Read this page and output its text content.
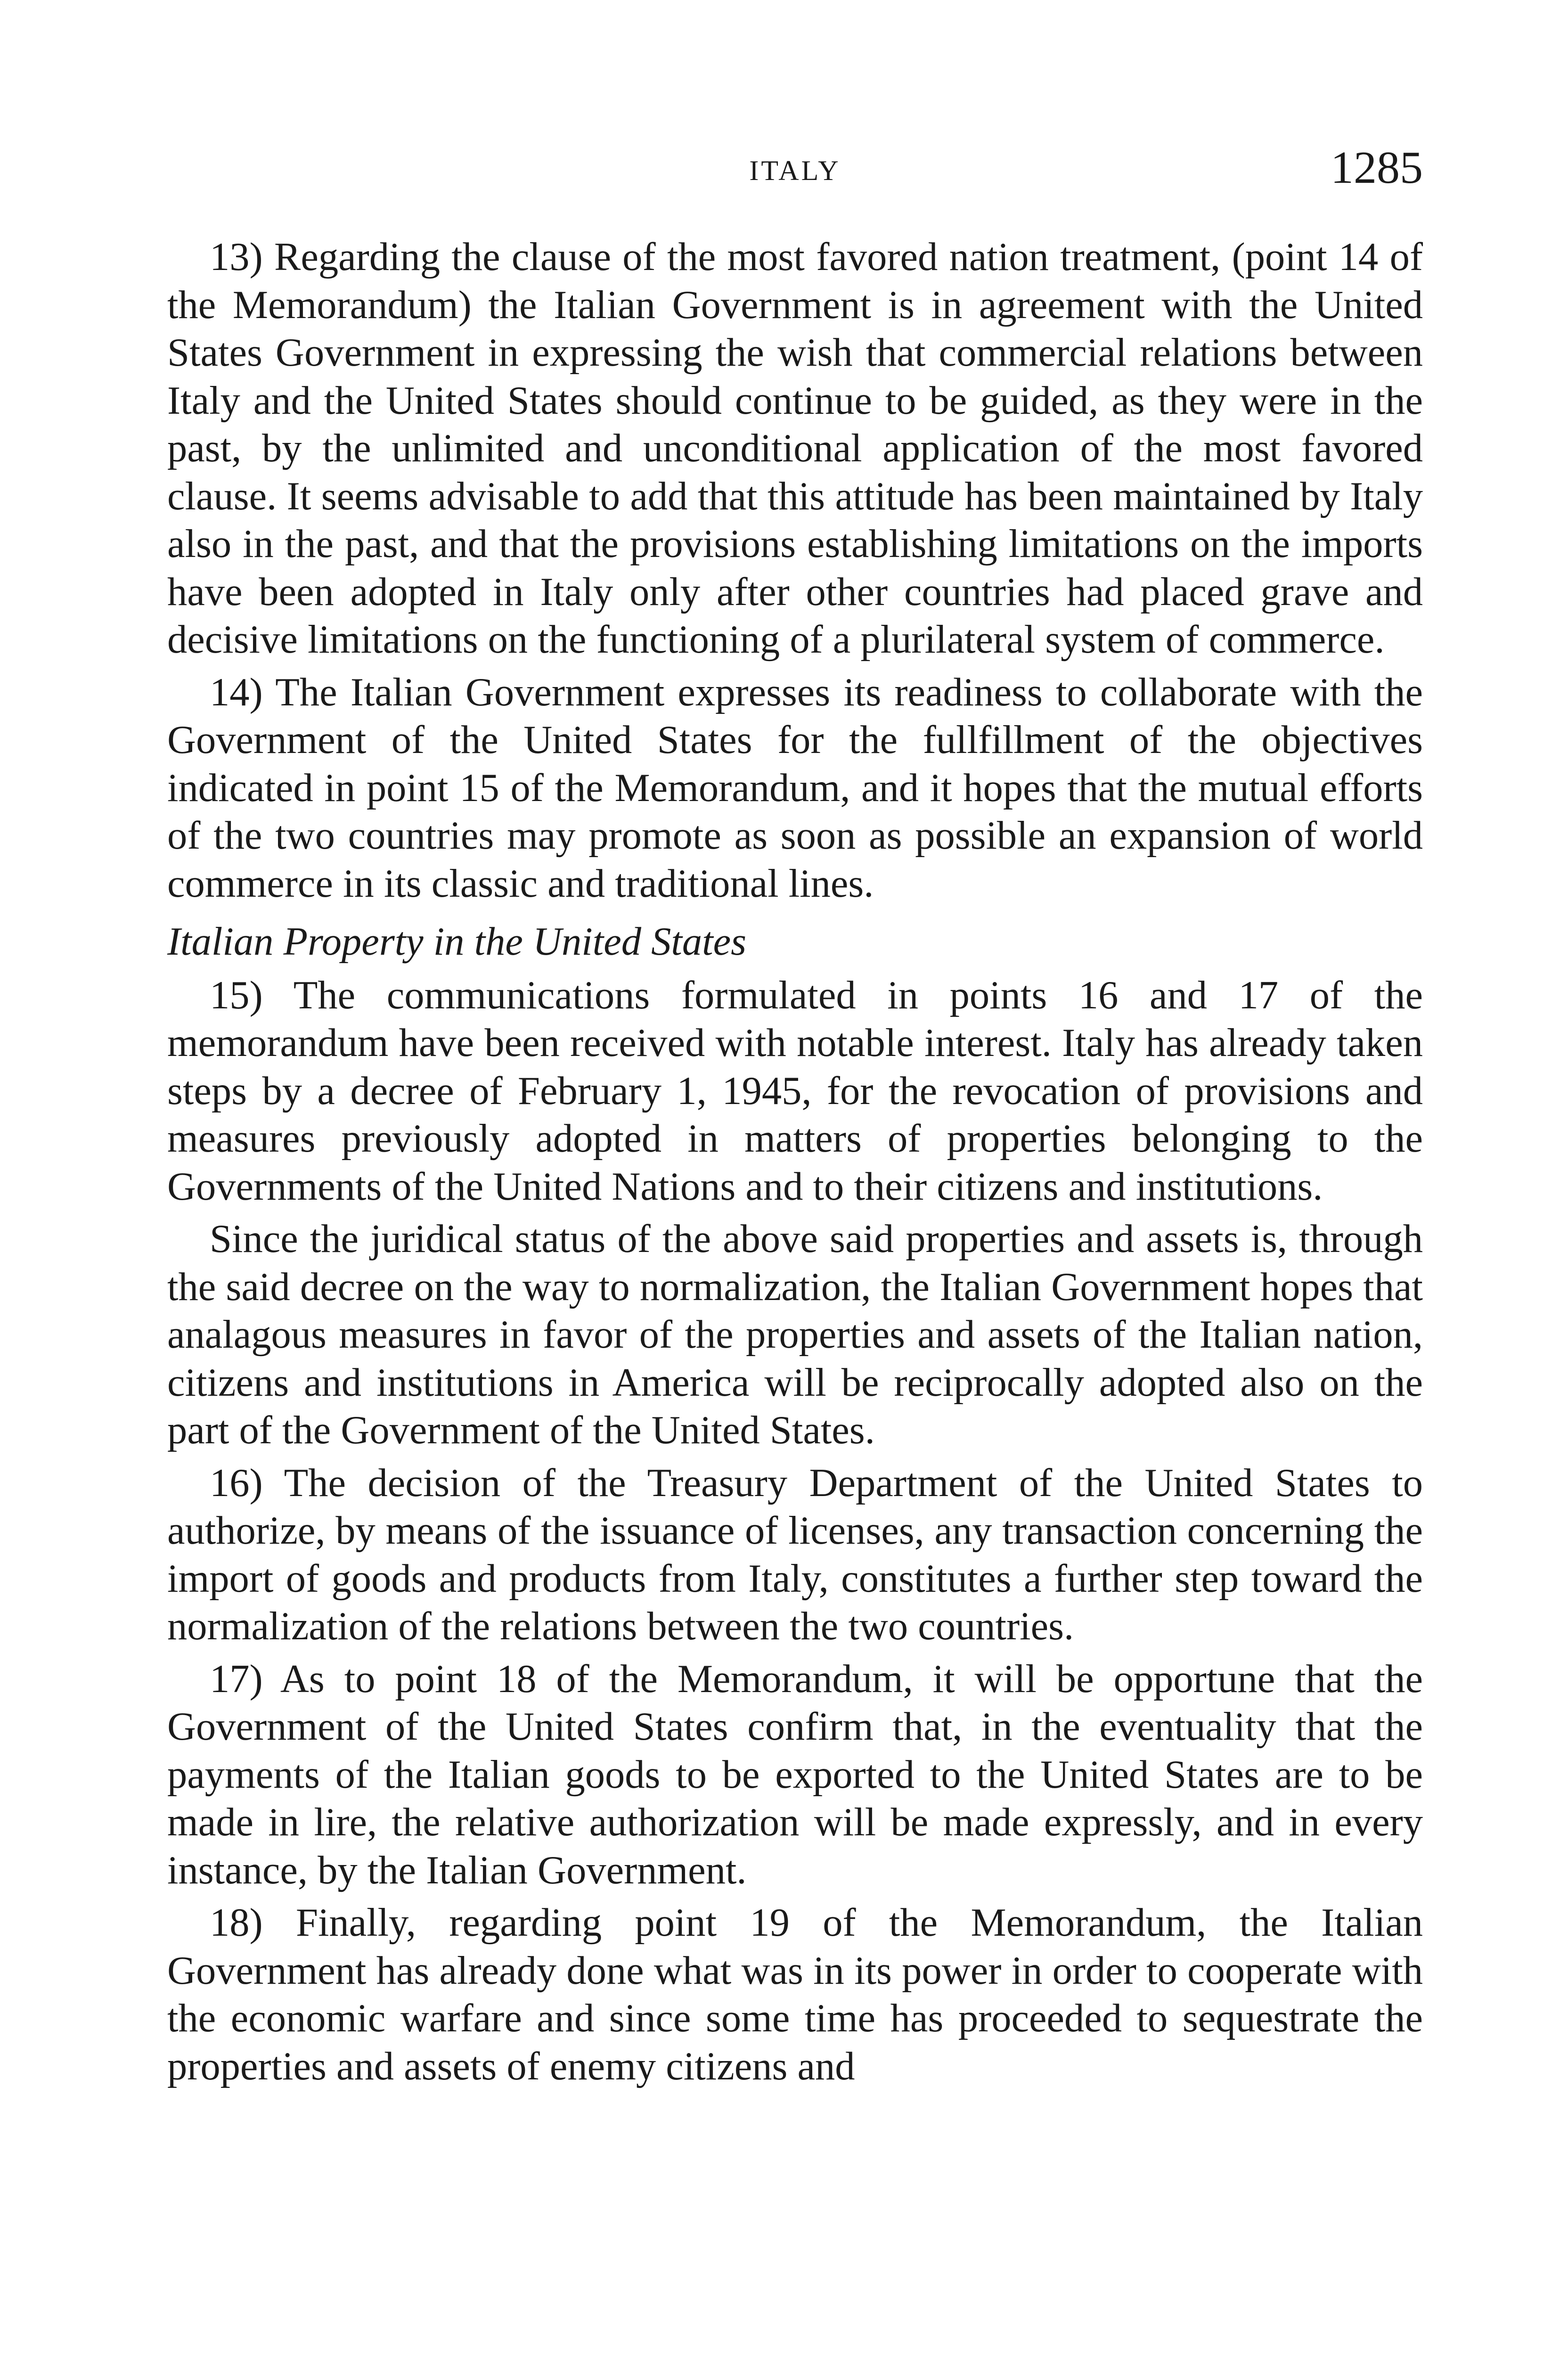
ITALY	1285

13) Regarding the clause of the most favored nation treatment, (point 14 of the Memorandum) the Italian Government is in agreement with the United States Government in expressing the wish that commercial relations between Italy and the United States should continue to be guided, as they were in the past, by the unlimited and unconditional application of the most favored clause. It seems advisable to add that this attitude has been maintained by Italy also in the past, and that the provisions establishing limitations on the imports have been adopted in Italy only after other countries had placed grave and decisive limitations on the functioning of a plurilateral system of commerce.

14) The Italian Government expresses its readiness to collaborate with the Government of the United States for the fullfillment of the objectives indicated in point 15 of the Memorandum, and it hopes that the mutual efforts of the two countries may promote as soon as possible an expansion of world commerce in its classic and traditional lines.

Italian Property in the United States

15) The communications formulated in points 16 and 17 of the memorandum have been received with notable interest. Italy has already taken steps by a decree of February 1, 1945, for the revocation of provisions and measures previously adopted in matters of properties belonging to the Governments of the United Nations and to their citizens and institutions.

Since the juridical status of the above said properties and assets is, through the said decree on the way to normalization, the Italian Government hopes that analagous measures in favor of the properties and assets of the Italian nation, citizens and institutions in America will be reciprocally adopted also on the part of the Government of the United States.

16) The decision of the Treasury Department of the United States to authorize, by means of the issuance of licenses, any transaction concerning the import of goods and products from Italy, constitutes a further step toward the normalization of the relations between the two countries.

17) As to point 18 of the Memorandum, it will be opportune that the Government of the United States confirm that, in the eventuality that the payments of the Italian goods to be exported to the United States are to be made in lire, the relative authorization will be made expressly, and in every instance, by the Italian Government.

18) Finally, regarding point 19 of the Memorandum, the Italian Government has already done what was in its power in order to cooperate with the economic warfare and since some time has proceeded to sequestrate the properties and assets of enemy citizens and
